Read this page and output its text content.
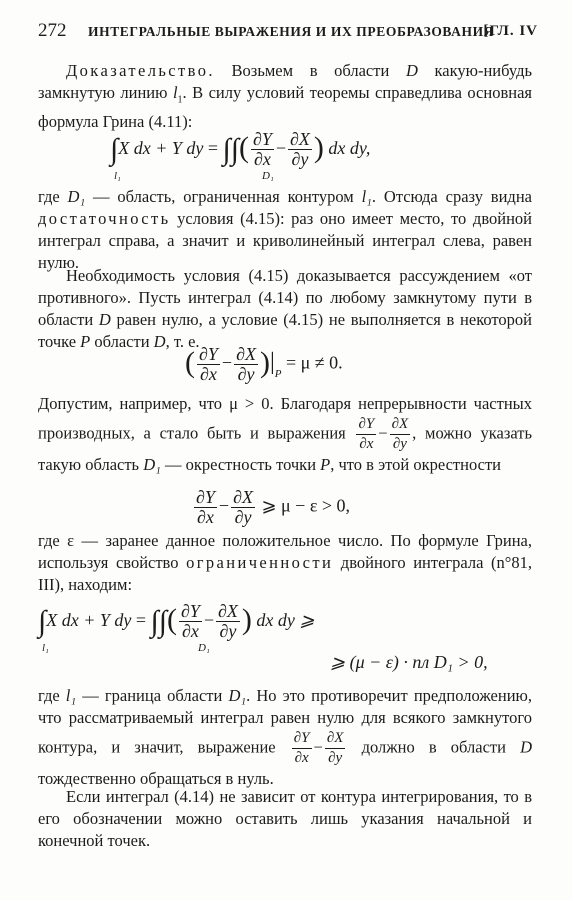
272 ИНТЕГРАЛЬНЫЕ ВЫРАЖЕНИЯ И ИХ ПРЕОБРАЗОВАНИЯ
[ГЛ. IV
Доказательство. Возьмем в области D какую-нибудь замкнутую линию $l_1$. В силу условий теоремы справедлива основная формула Грина (4.11):
∫X dx + Y dy = ∫∫( $\frac{\partial Y}{\partial x} - \frac{\partial X}{\partial y}$ ) dx dy,
l₁	D₁
где D₁ — область, ограниченная контуром l₁. Отсюда сразу видна достаточность условия (4.15): раз оно имеет место, то двойной интеграл справа, а значит и криволинейный интеграл слева, равен нулю.
Необходимость условия (4.15) доказывается рассуждением «от противного». Пусть интеграл (4.14) по любому замкнутому пути в области D равен нулю, а условие (4.15) не выполняется в некоторой точке P области D, т. е.
( $\frac{\partial Y}{\partial x} - \frac{\partial X}{\partial y} )|_P = \mu \ne 0$.
Допустим, например, что μ > 0. Благодаря непрерывности частных производных, а стало быть и выражения $\frac{\partial Y}{\partial x} - \frac{\partial X}{\partial y}$ , можно указать такую область D₁ — окрестность точки P, что в этой окрестности
$\frac{\partial Y}{\partial x} - \frac{\partial X}{\partial y}$ ⩾ μ − ε > 0,
где ε — заранее данное положительное число. По формуле Грина, используя свойство ограниченности двойного интеграла (n°81, III), находим:
∫X dx + Y dy = ∫∫( $\frac{\partial Y}{\partial x} - \frac{\partial X}{\partial y}$ ) dx dy ⩾
l₁	D₁
⩾ (μ − ε) · пл D₁ > 0,
где l₁ — граница области D₁. Но это противоречит предположению, что рассматриваемый интеграл равен нулю для всякого замкнутого контура, и значит, выражение $\frac{\partial Y}{\partial x} - \frac{\partial X}{\partial y}$ должно в области D тождественно обращаться в нуль.
Если интеграл (4.14) не зависит от контура интегрирования, то в его обозначении можно оставить лишь указания начальной и конечной точек.
